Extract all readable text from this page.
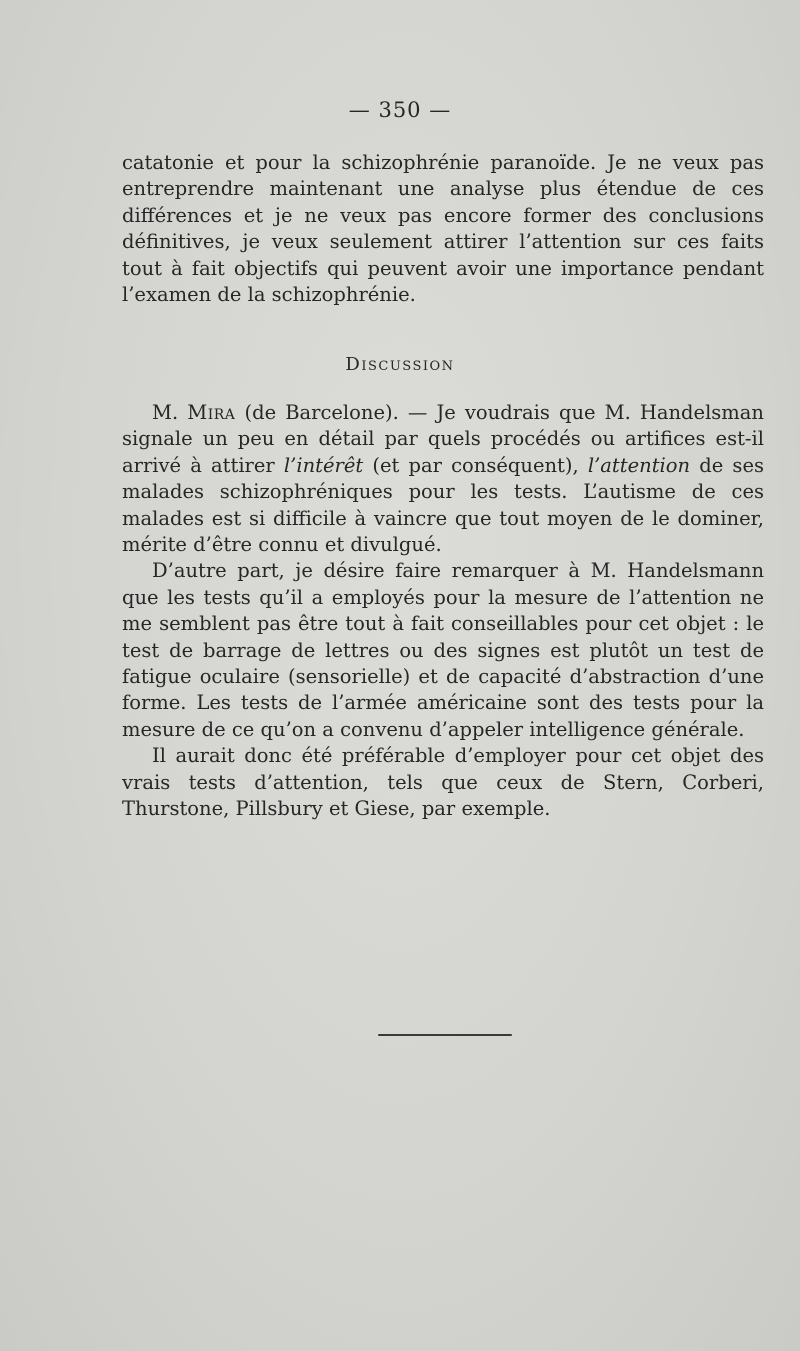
— 350 —

catatonie et pour la schizophrénie paranoïde. Je ne veux pas entreprendre maintenant une analyse plus étendue de ces différences et je ne veux pas encore former des conclusions définitives, je veux seulement attirer l’attention sur ces faits tout à fait objectifs qui peuvent avoir une importance pendant l’examen de la schizophrénie.

Discussion

M. Mira (de Barcelone). — Je voudrais que M. Handelsman signale un peu en détail par quels procédés ou artifices est-il arrivé à attirer l’intérêt (et par conséquent), l’attention de ses malades schizophréniques pour les tests. L’autisme de ces malades est si difficile à vaincre que tout moyen de le dominer, mérite d’être connu et divulgué.

D’autre part, je désire faire remarquer à M. Handelsmann que les tests qu’il a employés pour la mesure de l’attention ne me semblent pas être tout à fait conseillables pour cet objet : le test de barrage de lettres ou des signes est plutôt un test de fatigue oculaire (sensorielle) et de capacité d’abstraction d’une forme. Les tests de l’armée américaine sont des tests pour la mesure de ce qu’on a convenu d’appeler intelligence générale.

Il aurait donc été préférable d’employer pour cet objet des vrais tests d’attention, tels que ceux de Stern, Corberi, Thurstone, Pillsbury et Giese, par exemple.
